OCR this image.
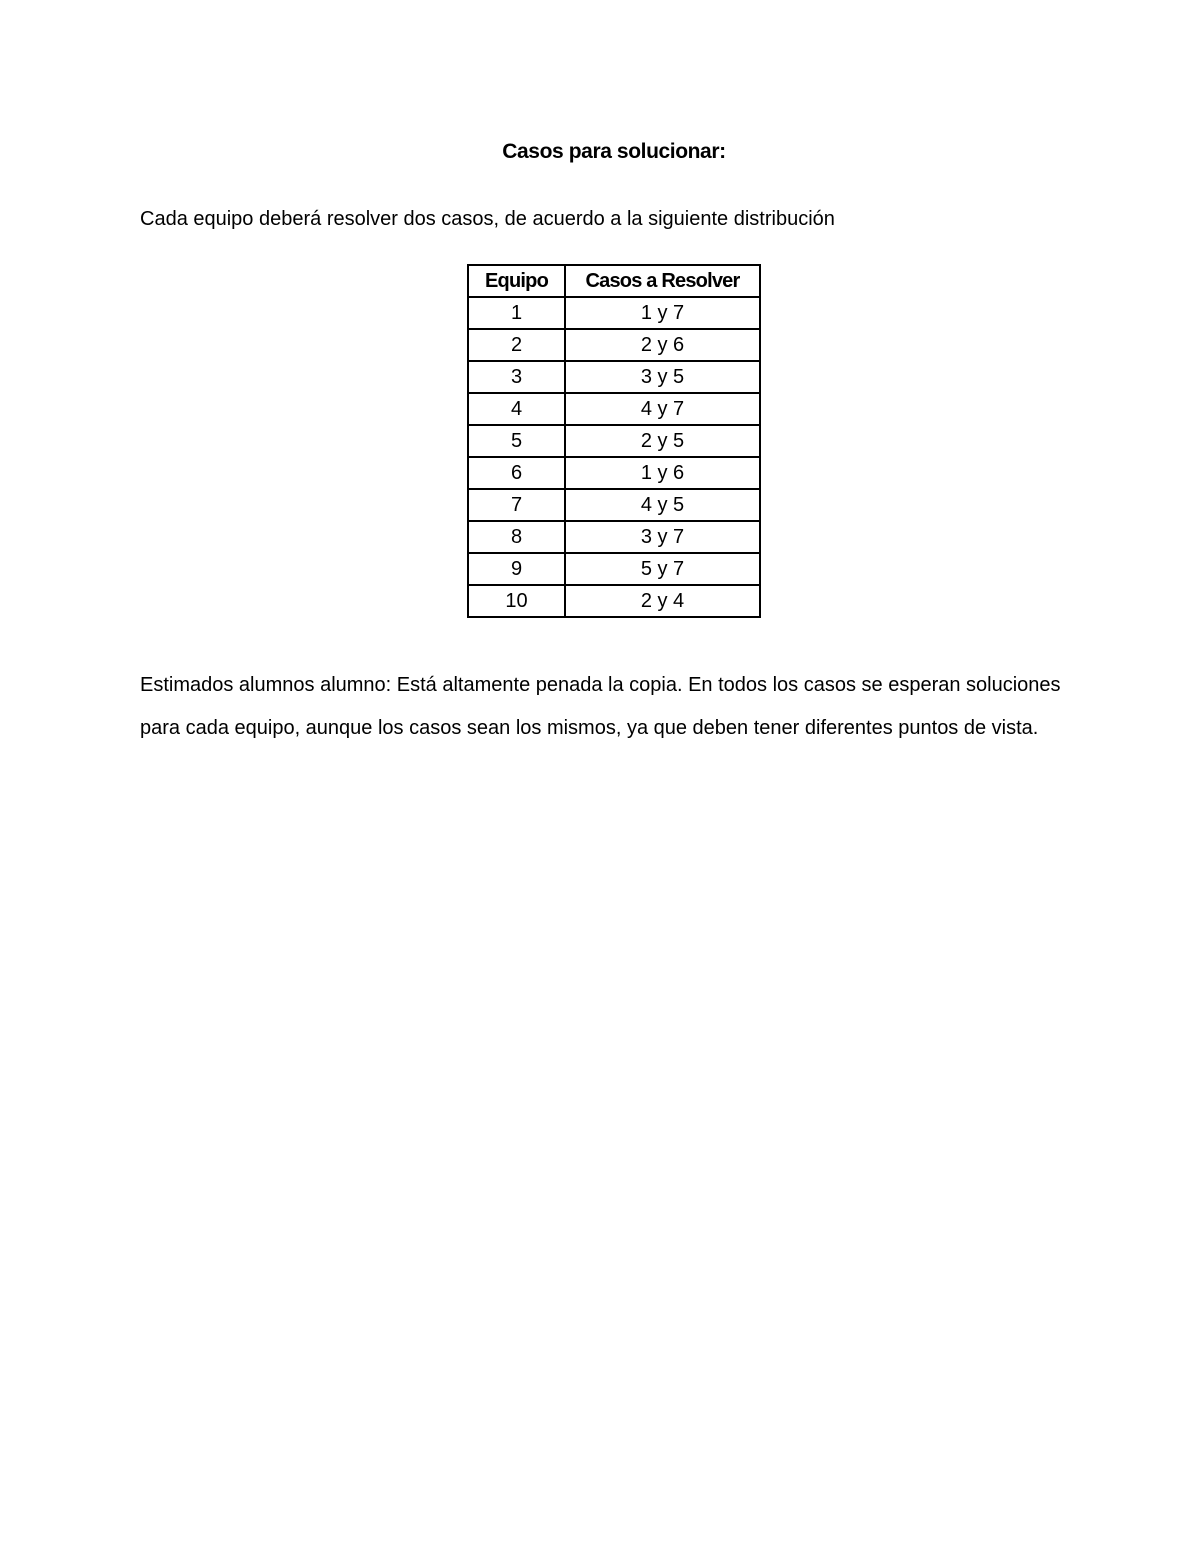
Casos para solucionar:
Cada equipo deberá resolver dos casos, de acuerdo a la siguiente distribución
Equipo	Casos a Resolver
1	1 y 7
2	2 y 6
3	3 y 5
4	4 y 7
5	2 y 5
6	1 y 6
7	4 y 5
8	3 y 7
9	5 y 7
10	2 y 4
Estimados alumnos alumno: Está altamente penada la copia. En todos los casos se esperan soluciones para cada equipo, aunque los casos sean los mismos, ya que deben tener diferentes puntos de vista.
